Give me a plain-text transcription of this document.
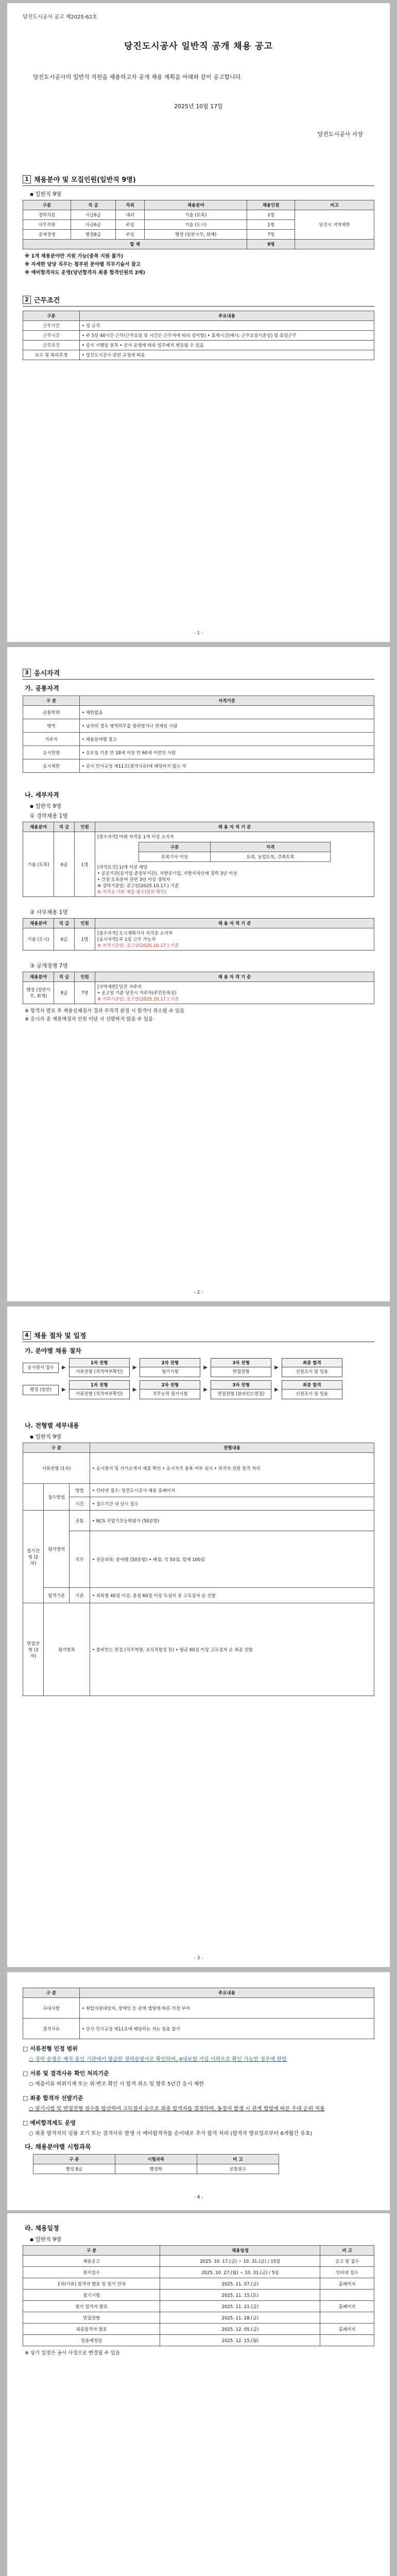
당진도시공사 공고 제2025-62호
당진도시공사 일반직 공개 채용 공고
당진도시공사의 일반직 직원을 채용하고자 공개 채용 계획을 아래와 같이 공고합니다.
2025년 10월 17일
당진도시공사 사장
1 채용분야 및 모집인원(일반직 9명)
▪ 일반직 9명
구분	직 급	직위	채용분야	채용인원	비고
경력직원	사급6급	대리	기술 (토목)	1명	당진시 지역제한
사무직원	사급6급	주임	기술 (도시)	1명	
공개경쟁	행정8급	주임	행정 (일반사무, 회계)	7명	
합 계				9명	
※ 1개 채용분야만 지원 가능(중복 지원 불가)
※ 자세한 담당 직무는 첨부된 분야별 직무기술서 참고
※ 예비합격자도 운영(당년합격자 최종 합격인원의 2배)
2 근무조건
구분	주요내용
근무기간	• 정 규직
근무시간	• 주 5일 40시간 근무(근무요일 및 시간은 근무지에 따라 상이함) • 휴게시간(예시: 근무요일기준상) 및 휴일근무
근무조건	• 공사 시행일 원칙 • 공사 운영에 따라 업무배치 변동될 수 있음
보수 및 복리후생	• 당진도시공사 관련 규정에 따름
- 1 -
3 응시자격
가. 공통자격
구 분	자격기준
공통학력	• 제한없음
병역	• 남자의 경우 병역의무를 필하였거나 면제된 사람
거주지	• 채용분야별 참고
응시연령	• 응모일 기준 만 18세 이상 만 60세 미만인 사람
응시제한	• 공사 인사규정 제11조(결격사유)에 해당하지 않는 자
나. 세부자격
▪ 일반직 9명
① 경력채용 1명
채용분야	직 급	인원	채 용 자 격 기 준
기술 (토목)	6급	1명	
[필수자격] 아래 자격을 1개 이상 소지자
구분	자격
토목기사 이상	토목, 농업토목, 건축토목
[자격요건] 1)개 이상 해당
• 공공기관(공기업·준정부기관), 지방공기업, 지방자치단체 경력 3년 이상
• 건설·토목분야 관련 3년 이상 경력자
※ 경력기준일: 공고일(2025.10.17.) 기준
※ 자격증 사본 제출 필수(원본 확인)
② 사무채용 1명
채용분야	직 급	인원	채 용 자 격 기 준
기술 (도시)	6급	1명	[필수자격] 도시계획기사 자격증 소지자
[응시자격] 주 1일 근무 가능자
※ 자격기준일: 공고일(2025.10.17.) 기준
③ 공개경쟁 7명
채용분야	직 급	인원	채 용 자 격 기 준
행정 (일반사무, 회계)	8급	7명	[지역제한] 당진 거주자
• 공고일 기준 당진시 거주자(주민등록상)
※ 거주기준일: 공고일(2025.10.17.) 기준
※ 합격자 발표 후 채용신체검사 결과 부적격 판정 시 합격이 취소될 수 있음
※ 응시자 중 채용예정자 인원 미달 시 선발하지 않을 수 있음
- 2 -
4 채용 절차 및 일정
가. 분야별 채용 절차
응시원서 접수	▶
1차 전형
서류전형 (적격여부확인)
▶
2차 전형
필기시험
▶
3차 전형
면접전형
▶
최종 합격
신원조사 및 임용
행정 (일반)	▶
1차 전형
서류전형 (적격여부확인)
▶
2차 전형
직무능력 필기시험
▶
3차 전형
면접전형 (블라인드면접)
▶
최종 합격
신원조사 및 임용
나. 전형별 세부내용
▪ 일반직 9명
구 분			전형내용
서류전형 (1차)			• 응시원서 및 자기소개서 제출 확인 • 응시자격 충족 여부 심사 • 적격자 전원 합격 처리
	접수방법	방법	• 인터넷 접수: 당진도시공사 채용 홈페이지
		시간	• 접수기간 내 상시 접수
필기전형 (2차)	평가영역	공통	• NCS 직업기초능력평가 (50문항)
		직무	• 전공과목: 분야별 (50문항) • 배점: 각 50점, 합계 100점
	합격기준	기준	• 과목별 40점 이상, 총점 60점 이상 득점자 중 고득점자 순 선발
면접전형 (3차)	평가항목		• 블라인드 면접 (직무역량, 조직적합성 등) • 평균 60점 이상 고득점자 순 최종 선발
- 3 -
구 분	주요내용
우대사항	• 취업지원대상자, 장애인 등 관계 법령에 따른 가점 부여
결격사유	• 공사 인사규정 제11조에 해당하는 자는 임용 불가
□ 서류전형 인정 범위
○ 경력 증명은 재직 중인 기관에서 발급한 경력증명서로 확인하며, 4대보험 가입 이력으로 확인 가능한 경우에 한함
□ 서류 및 결격사유 확인 처리기준
○ 제출서류 허위기재 또는 위·변조 확인 시 합격 취소 및 향후 5년간 응시 제한
□ 최종 합격자 선발기준
○ 필기시험 및 면접전형 점수를 합산하여 고득점자 순으로 최종 합격자를 결정하며, 동점자 발생 시 관계 법령에 따른 우대 순위 적용
□ 예비합격제도 운영
○ 최종 합격자의 임용 포기 또는 결격사유 발생 시 예비합격자를 순서대로 추가 합격 처리 (합격자 발표일로부터 6개월간 유효)
다. 채용분야별 시험과목
구 분	시험과목	비 고
행정 8급	행정학	공통필수
- 4 -
라. 채용일정
▪ 일반직 9명
구 분	채용일정	비 고
채용공고	2025. 10. 17.(금) ~ 10. 31.(금) / 15일	공고 및 접수
원서접수	2025. 10. 27.(월) ~ 10. 31.(금) / 5일	인터넷 접수
1차(서류) 합격자 발표 및 필기 안내	2025. 11. 07.(금)	홈페이지
필기시험	2025. 11. 15.(토)	
필기 합격자 발표	2025. 11. 21.(금)	홈페이지
면접전형	2025. 11. 28.(금)	
최종합격자 발표	2025. 12. 05.(금)	홈페이지
임용예정일	2025. 12. 15.(월)	
※ 상기 일정은 공사 사정으로 변경될 수 있음
